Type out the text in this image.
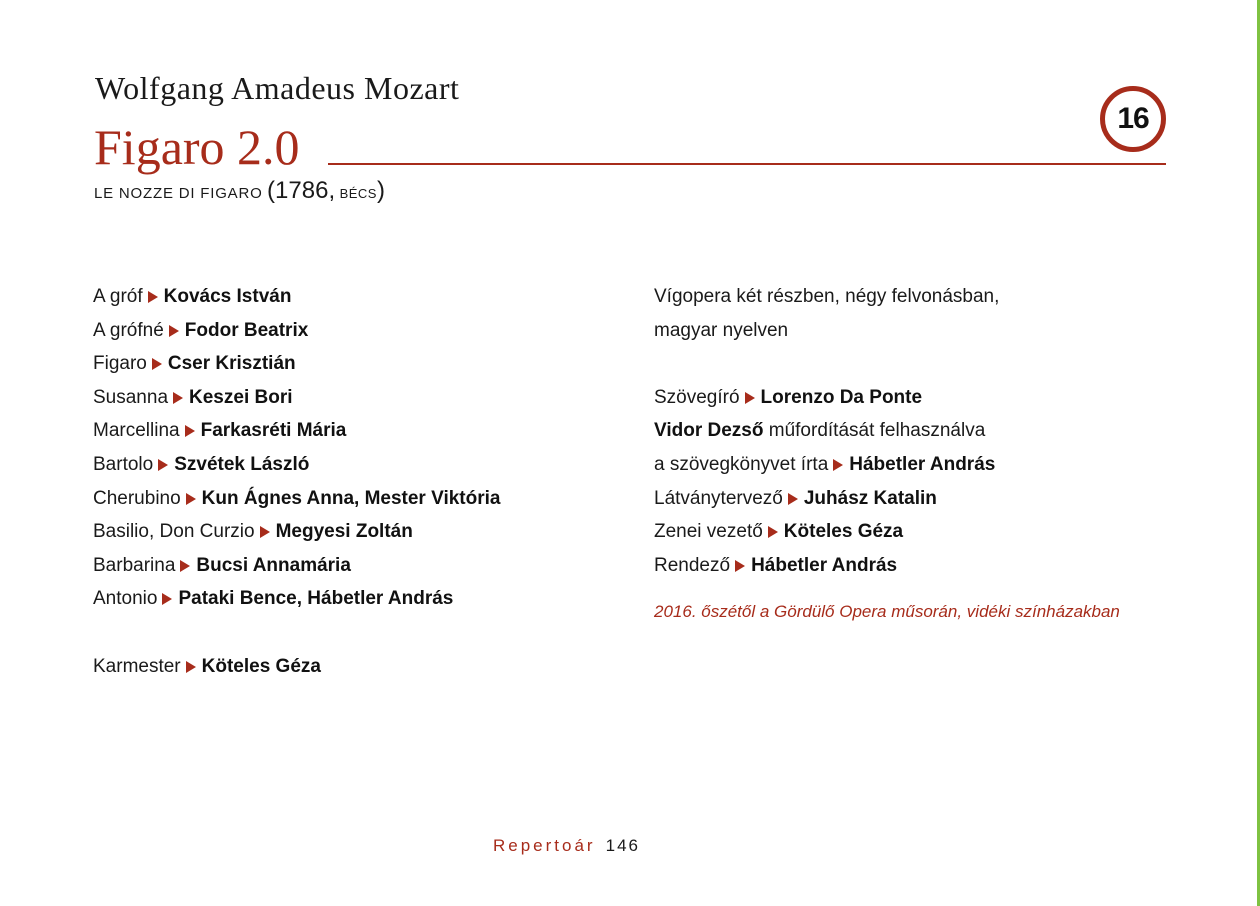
Wolfgang Amadeus Mozart
Figaro 2.0
LE NOZZE DI FIGARO (1786, BÉCS)
16
A gróf Kovács István
A grófné Fodor Beatrix
Figaro Cser Krisztián
Susanna Keszei Bori
Marcellina Farkasréti Mária
Bartolo Szvétek László
Cherubino Kun Ágnes Anna, Mester Viktória
Basilio, Don Curzio Megyesi Zoltán
Barbarina Bucsi Annamária
Antonio Pataki Bence, Hábetler András
Karmester Köteles Géza
Vígopera két részben, négy felvonásban,
magyar nyelven
Szövegíró Lorenzo Da Ponte
Vidor Dezső műfordítását felhasználva
a szövegkönyvet írta Hábetler András
Látványtervező Juhász Katalin
Zenei vezető Köteles Géza
Rendező Hábetler András
2016. őszétől a Gördülő Opera műsorán, vidéki színházakban
Repertoár 146
